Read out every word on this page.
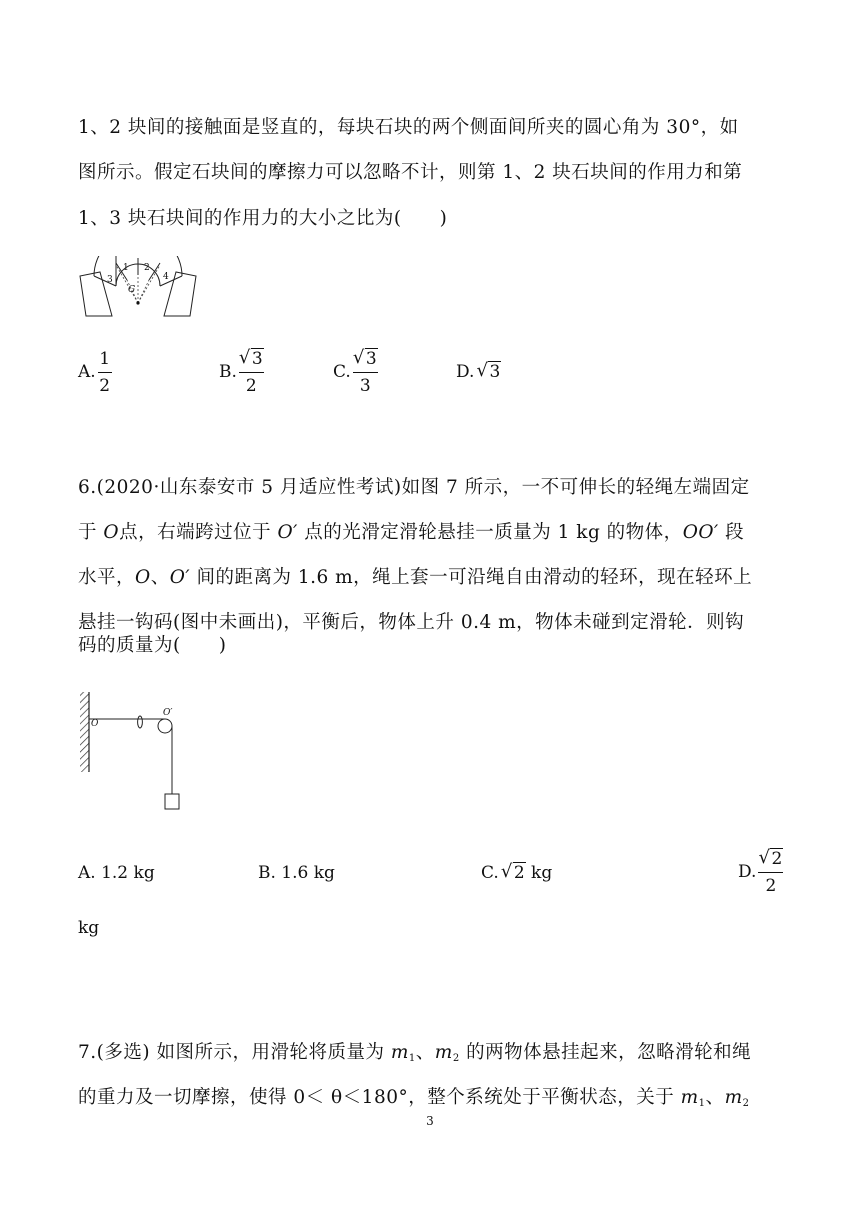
1、2 块间的接触面是竖直的，每块石块的两个侧面间所夹的圆心角为 30°，如
图所示。假定石块间的摩擦力可以忽略不计，则第 1、2 块石块间的作用力和第
1、3 块石块间的作用力的大小之比为(　　)
3
1 2
4
G
A. $\frac{1}{2}$	B. √ $\frac{3}{2}$	C. √ $\frac{3}{3}$	D. √ 3
6.(2020·山东泰安市 5 月适应性考试)如图 7 所示，一不可伸长的轻绳左端固定
于 O点，右端跨过位于 O′ 点的光滑定滑轮悬挂一质量为 1 kg 的物体，OO′ 段
水平，O、O′ 间的距离为 1.6 m，绳上套一可沿绳自由滑动的轻环，现在轻环上
悬挂一钩码(图中未画出)，平衡后，物体上升 0.4 m，物体未碰到定滑轮．则钩
码的质量为(　　)
O
O′
A. 1.2 kg	B. 1.6 kg	C. √ 2 kg	D. √ $\frac{2}{2}$
kg
7.(多选) 如图所示，用滑轮将质量为 $m_1$、$m_2$ 的两物体悬挂起来，忽略滑轮和绳
的重力及一切摩擦，使得 0＜ θ＜180°，整个系统处于平衡状态，关于 $m_1$、$m_2$
3
